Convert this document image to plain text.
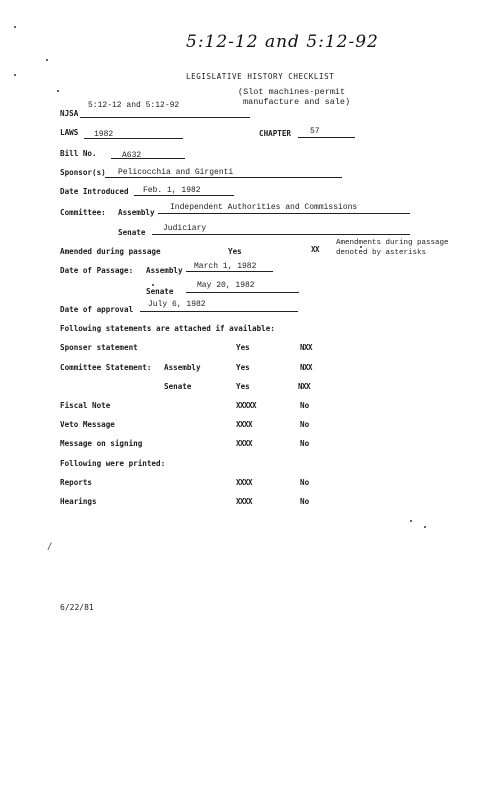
/
5:12-12 and 5:12-92
LEGISLATIVE HISTORY CHECKLIST
(Slot machines-permit
manufacture and sale)
NJSA
5:12-12 and 5:12-92
LAWS 1982	CHAPTER 57
Bill No.	A632
Sponsor(s) Pelicocchia and Girgenti
Date Introduced Feb. 1, 1982
Committee: Assembly
Independent Authorities and Commissions
Senate Judiciary
Amended during passage	Yes	XX
Amendments during passage
denoted by asterisks
Date of Passage: Assembly March 1, 1982
Senate
May 20, 1982
Date of approval
July 6, 1982
Following statements are attached if available:
Sponser statement	Yes	NXX
Committee Statement: Assembly	Yes	NXX
Senate	Yes	NXX
Fiscal Note	XXXXX	No
Veto Message	XXXX	No
Message on signing	XXXX	No
Following were printed:
Reports	XXXX	No
Hearings	XXXX	No
6/22/81
